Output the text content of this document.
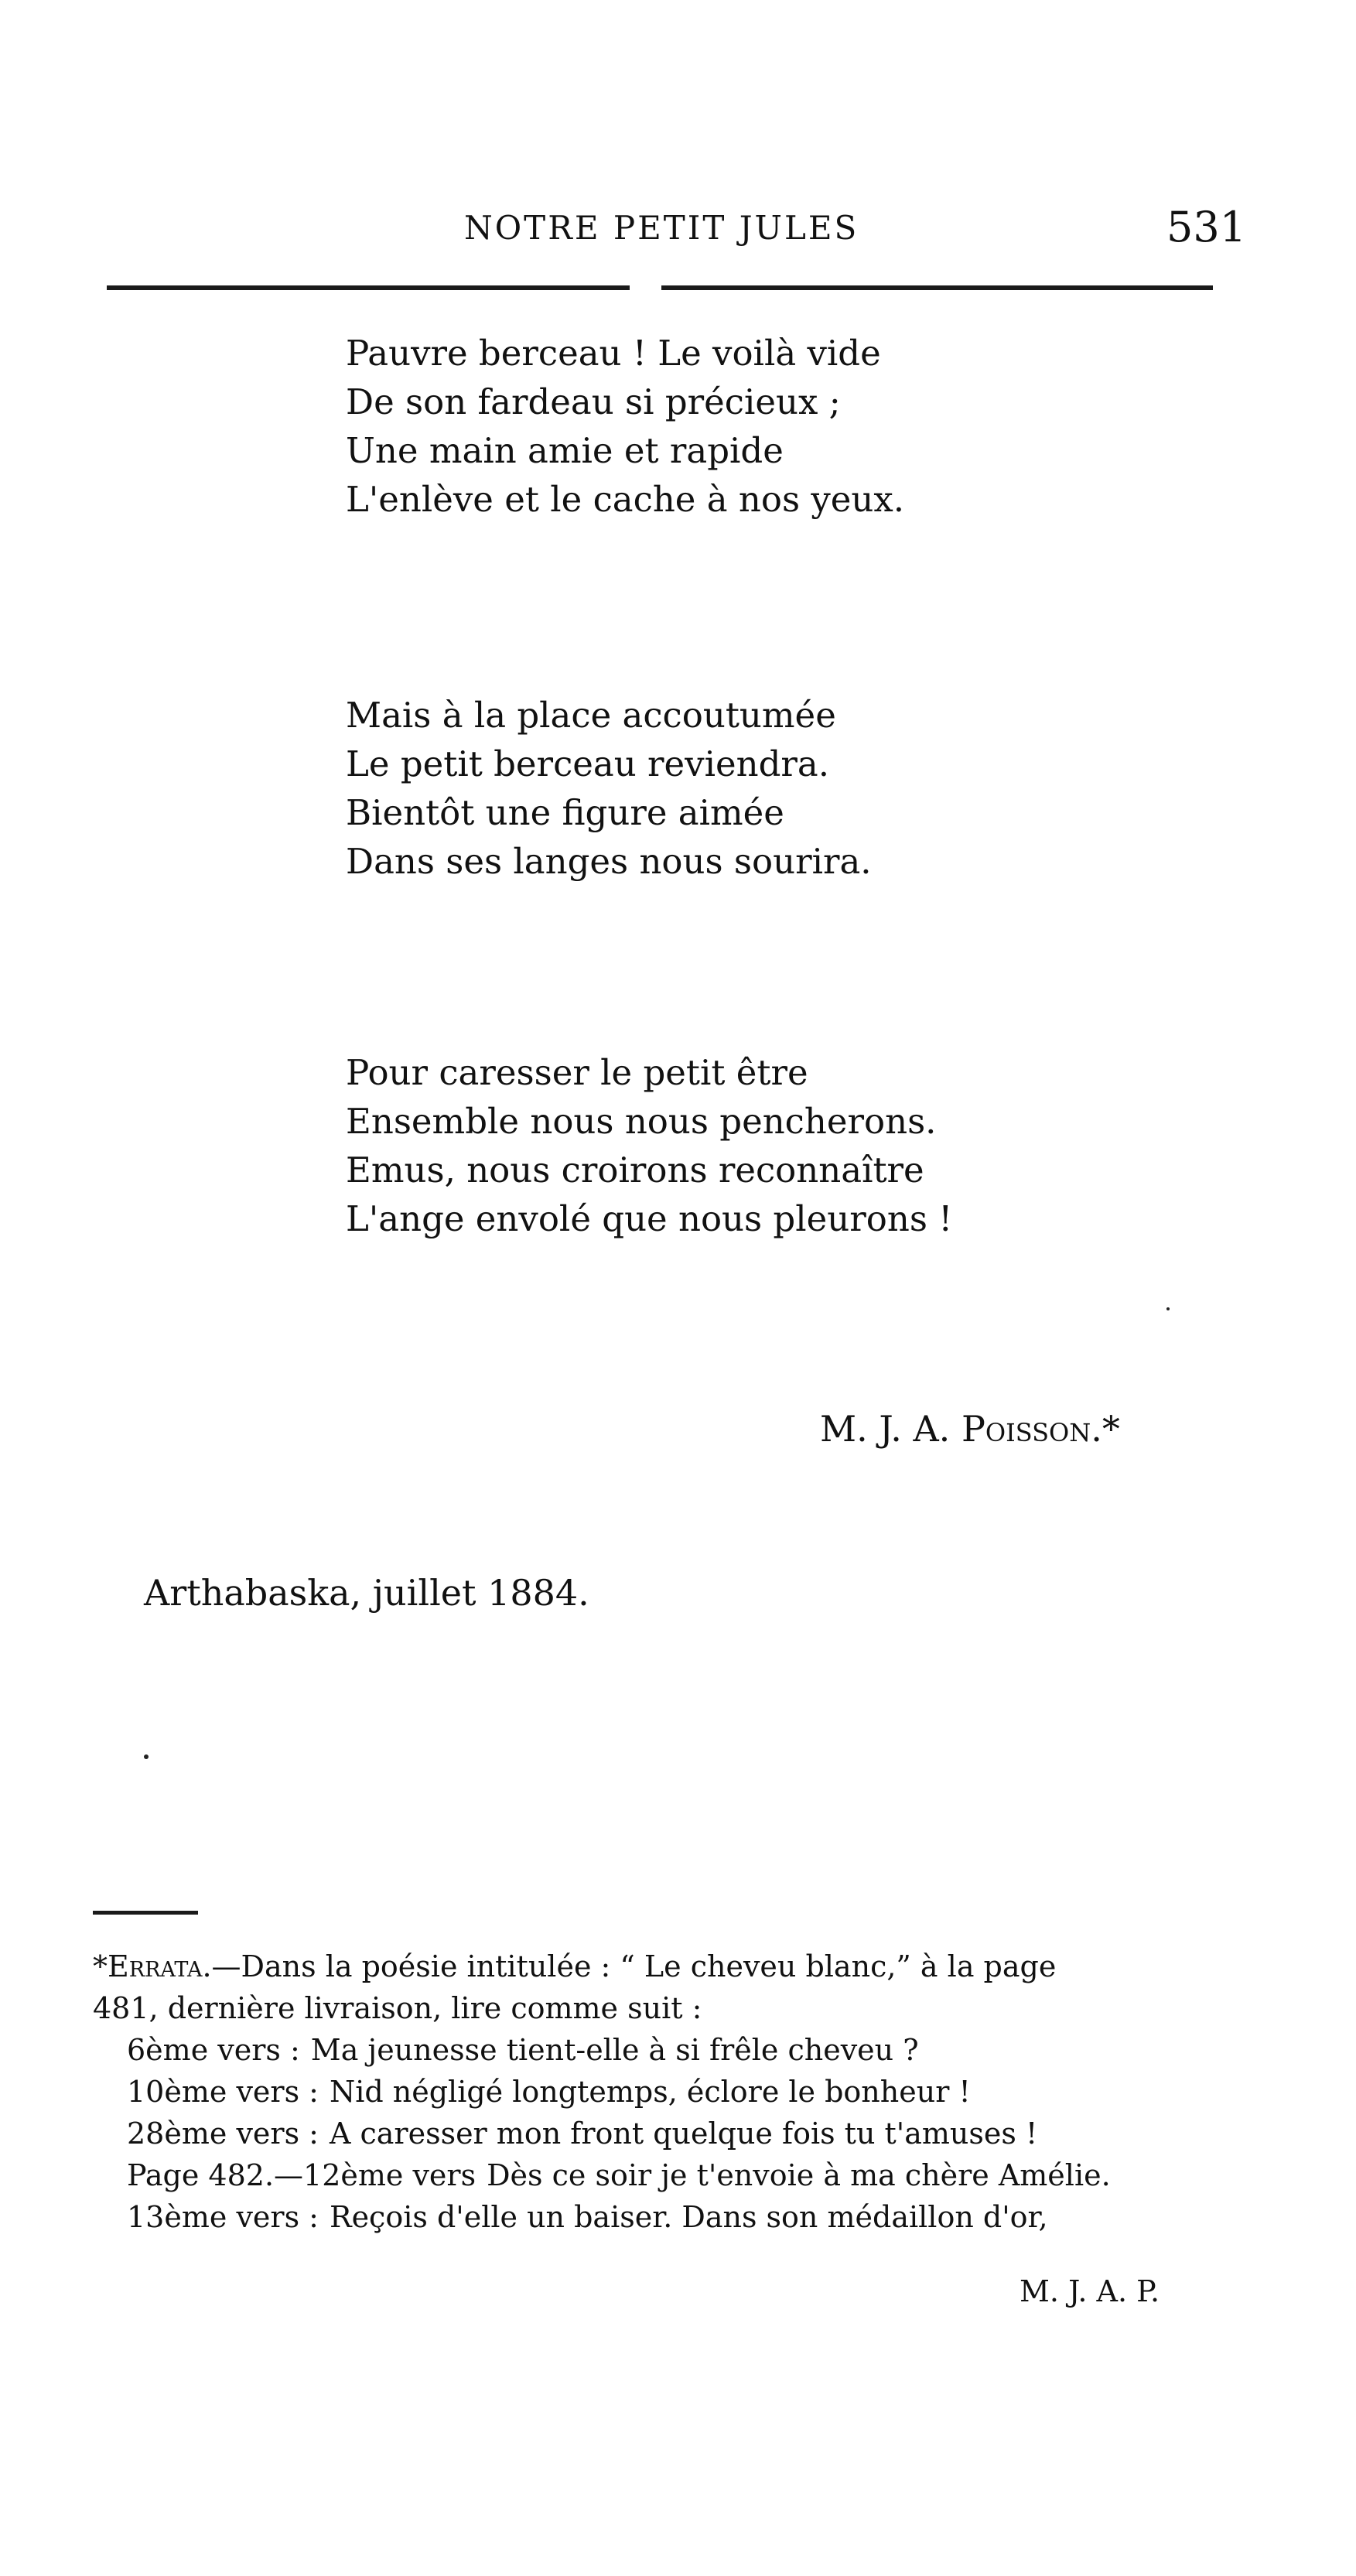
NOTRE PETIT JULES	531
Pauvre berceau ! Le voilà vide
De son fardeau si précieux ;
Une main amie et rapide
L'enlève et le cache à nos yeux.
Mais à la place accoutumée
Le petit berceau reviendra.
Bientôt une figure aimée
Dans ses langes nous sourira.
Pour caresser le petit être
Ensemble nous nous pencherons.
Emus, nous croirons reconnaître
L'ange envolé que nous pleurons !
M. J. A. Poisson.*
Arthabaska, juillet 1884.
*Errata.—Dans la poésie intitulée : “ Le cheveu blanc,” à la page
481, dernière livraison, lire comme suit :
6ème vers : Ma jeunesse tient-elle à si frêle cheveu ?
10ème vers : Nid négligé longtemps, éclore le bonheur !
28ème vers : A caresser mon front quelque fois tu t'amuses !
Page 482.—12ème vers Dès ce soir je t'envoie à ma chère Amélie.
13ème vers : Reçois d'elle un baiser. Dans son médaillon d'or,
M. J. A. P.
